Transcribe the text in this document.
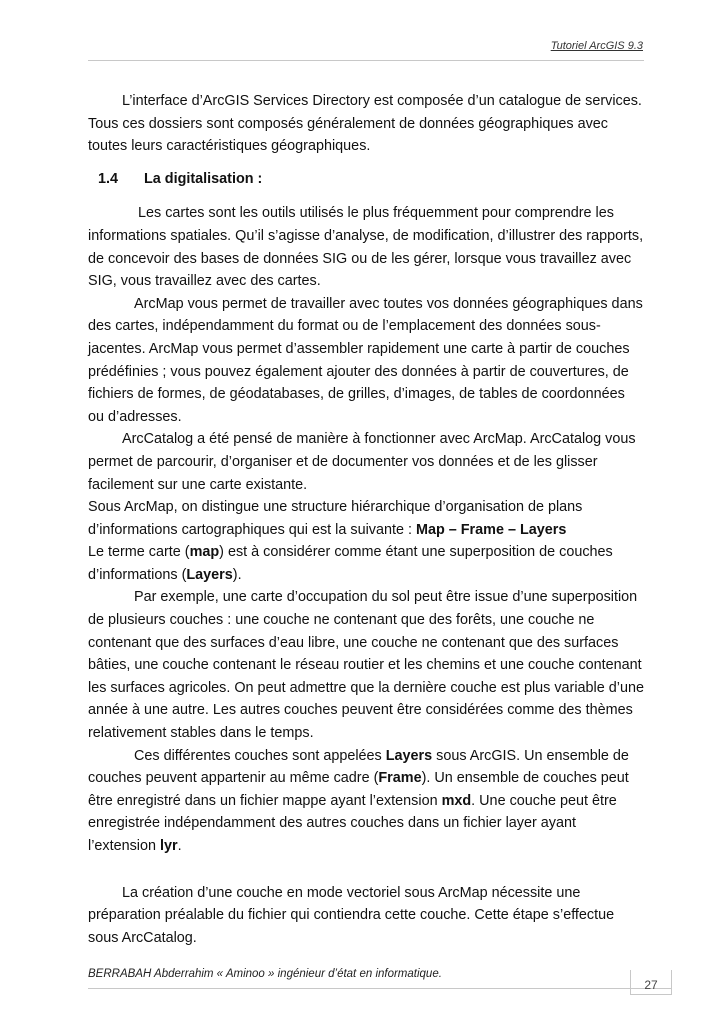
Tutoriel ArcGIS 9.3

L’interface d’ArcGIS Services Directory est composée d’un catalogue de services. Tous ces dossiers sont composés généralement de données géographiques avec toutes leurs caractéristiques géographiques.

1.4 La digitalisation :

Les cartes sont les outils utilisés le plus fréquemment pour comprendre les informations spatiales. Qu’il s’agisse d’analyse, de modification, d’illustrer des rapports, de concevoir des bases de données SIG ou de les gérer, lorsque vous travaillez avec SIG, vous travaillez avec des cartes.

ArcMap vous permet de travailler avec toutes vos données géographiques dans des cartes, indépendamment du format ou de l’emplacement des données sous-jacentes. ArcMap vous permet d’assembler rapidement une carte à partir de couches prédéfinies ; vous pouvez également ajouter des données à partir de couvertures, de fichiers de formes, de géodatabases, de grilles, d’images, de tables de coordonnées ou d’adresses.

ArcCatalog a été pensé de manière à fonctionner avec ArcMap. ArcCatalog vous permet de parcourir, d’organiser et de documenter vos données et de les glisser facilement sur une carte existante.

Sous ArcMap, on distingue une structure hiérarchique d’organisation de plans d’informations cartographiques qui est la suivante : Map – Frame – Layers

Le terme carte (map) est à considérer comme étant une superposition de couches d’informations (Layers).

Par exemple, une carte d’occupation du sol peut être issue d’une superposition de plusieurs couches : une couche ne contenant que des forêts, une couche ne contenant que des surfaces d’eau libre, une couche ne contenant que des surfaces bâties, une couche contenant le réseau routier et les chemins et une couche contenant les surfaces agricoles. On peut admettre que la dernière couche est plus variable d’une année à une autre. Les autres couches peuvent être considérées comme des thèmes relativement stables dans le temps.

Ces différentes couches sont appelées Layers sous ArcGIS. Un ensemble de couches peuvent appartenir au même cadre (Frame). Un ensemble de couches peut être enregistré dans un fichier mappe ayant l’extension mxd. Une couche peut être enregistrée indépendamment des autres couches dans un fichier layer ayant l’extension lyr.

La création d’une couche en mode vectoriel sous ArcMap nécessite une préparation préalable du fichier qui contiendra cette couche. Cette étape s’effectue sous ArcCatalog.

BERRABAH Abderrahim « Aminoo » ingénieur d’état en informatique.
27
